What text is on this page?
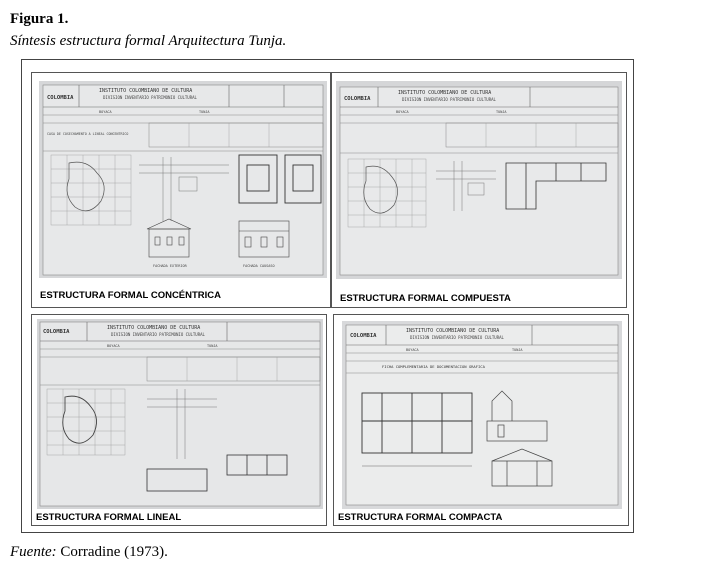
Figura 1.
Síntesis estructura formal Arquitectura Tunja.
COLOMBIA
INSTITUTO COLOMBIANO DE CULTURA
DIVISION INVENTARIO PATRIMONIO CULTURAL
BOYACA	TUNJA
CASA DE COSECHAMENTO A LINEAL CONCENTRICO
FACHADA EXTERIOR	FACHADA CAUSASO
ESTRUCTURA FORMAL CONCÉNTRICA
COLOMBIA
INSTITUTO COLOMBIANO DE CULTURA
DIVISION INVENTARIO PATRIMONIO CULTURAL
BOYACA	TUNJA
ESTRUCTURA FORMAL COMPUESTA
COLOMBIA
INSTITUTO COLOMBIANO DE CULTURA
DIVISION INVENTARIO PATRIMONIO CULTURAL
BOYACA	TUNJA
ESTRUCTURA FORMAL LINEAL
COLOMBIA
INSTITUTO COLOMBIANO DE CULTURA
DIVISION INVENTARIO PATRIMONIO CULTURAL
BOYACA	TUNJA
FICHA COMPLEMENTARIA DE DOCUMENTACION GRAFICA
ESTRUCTURA FORMAL COMPACTA
Fuente: Corradine (1973).
